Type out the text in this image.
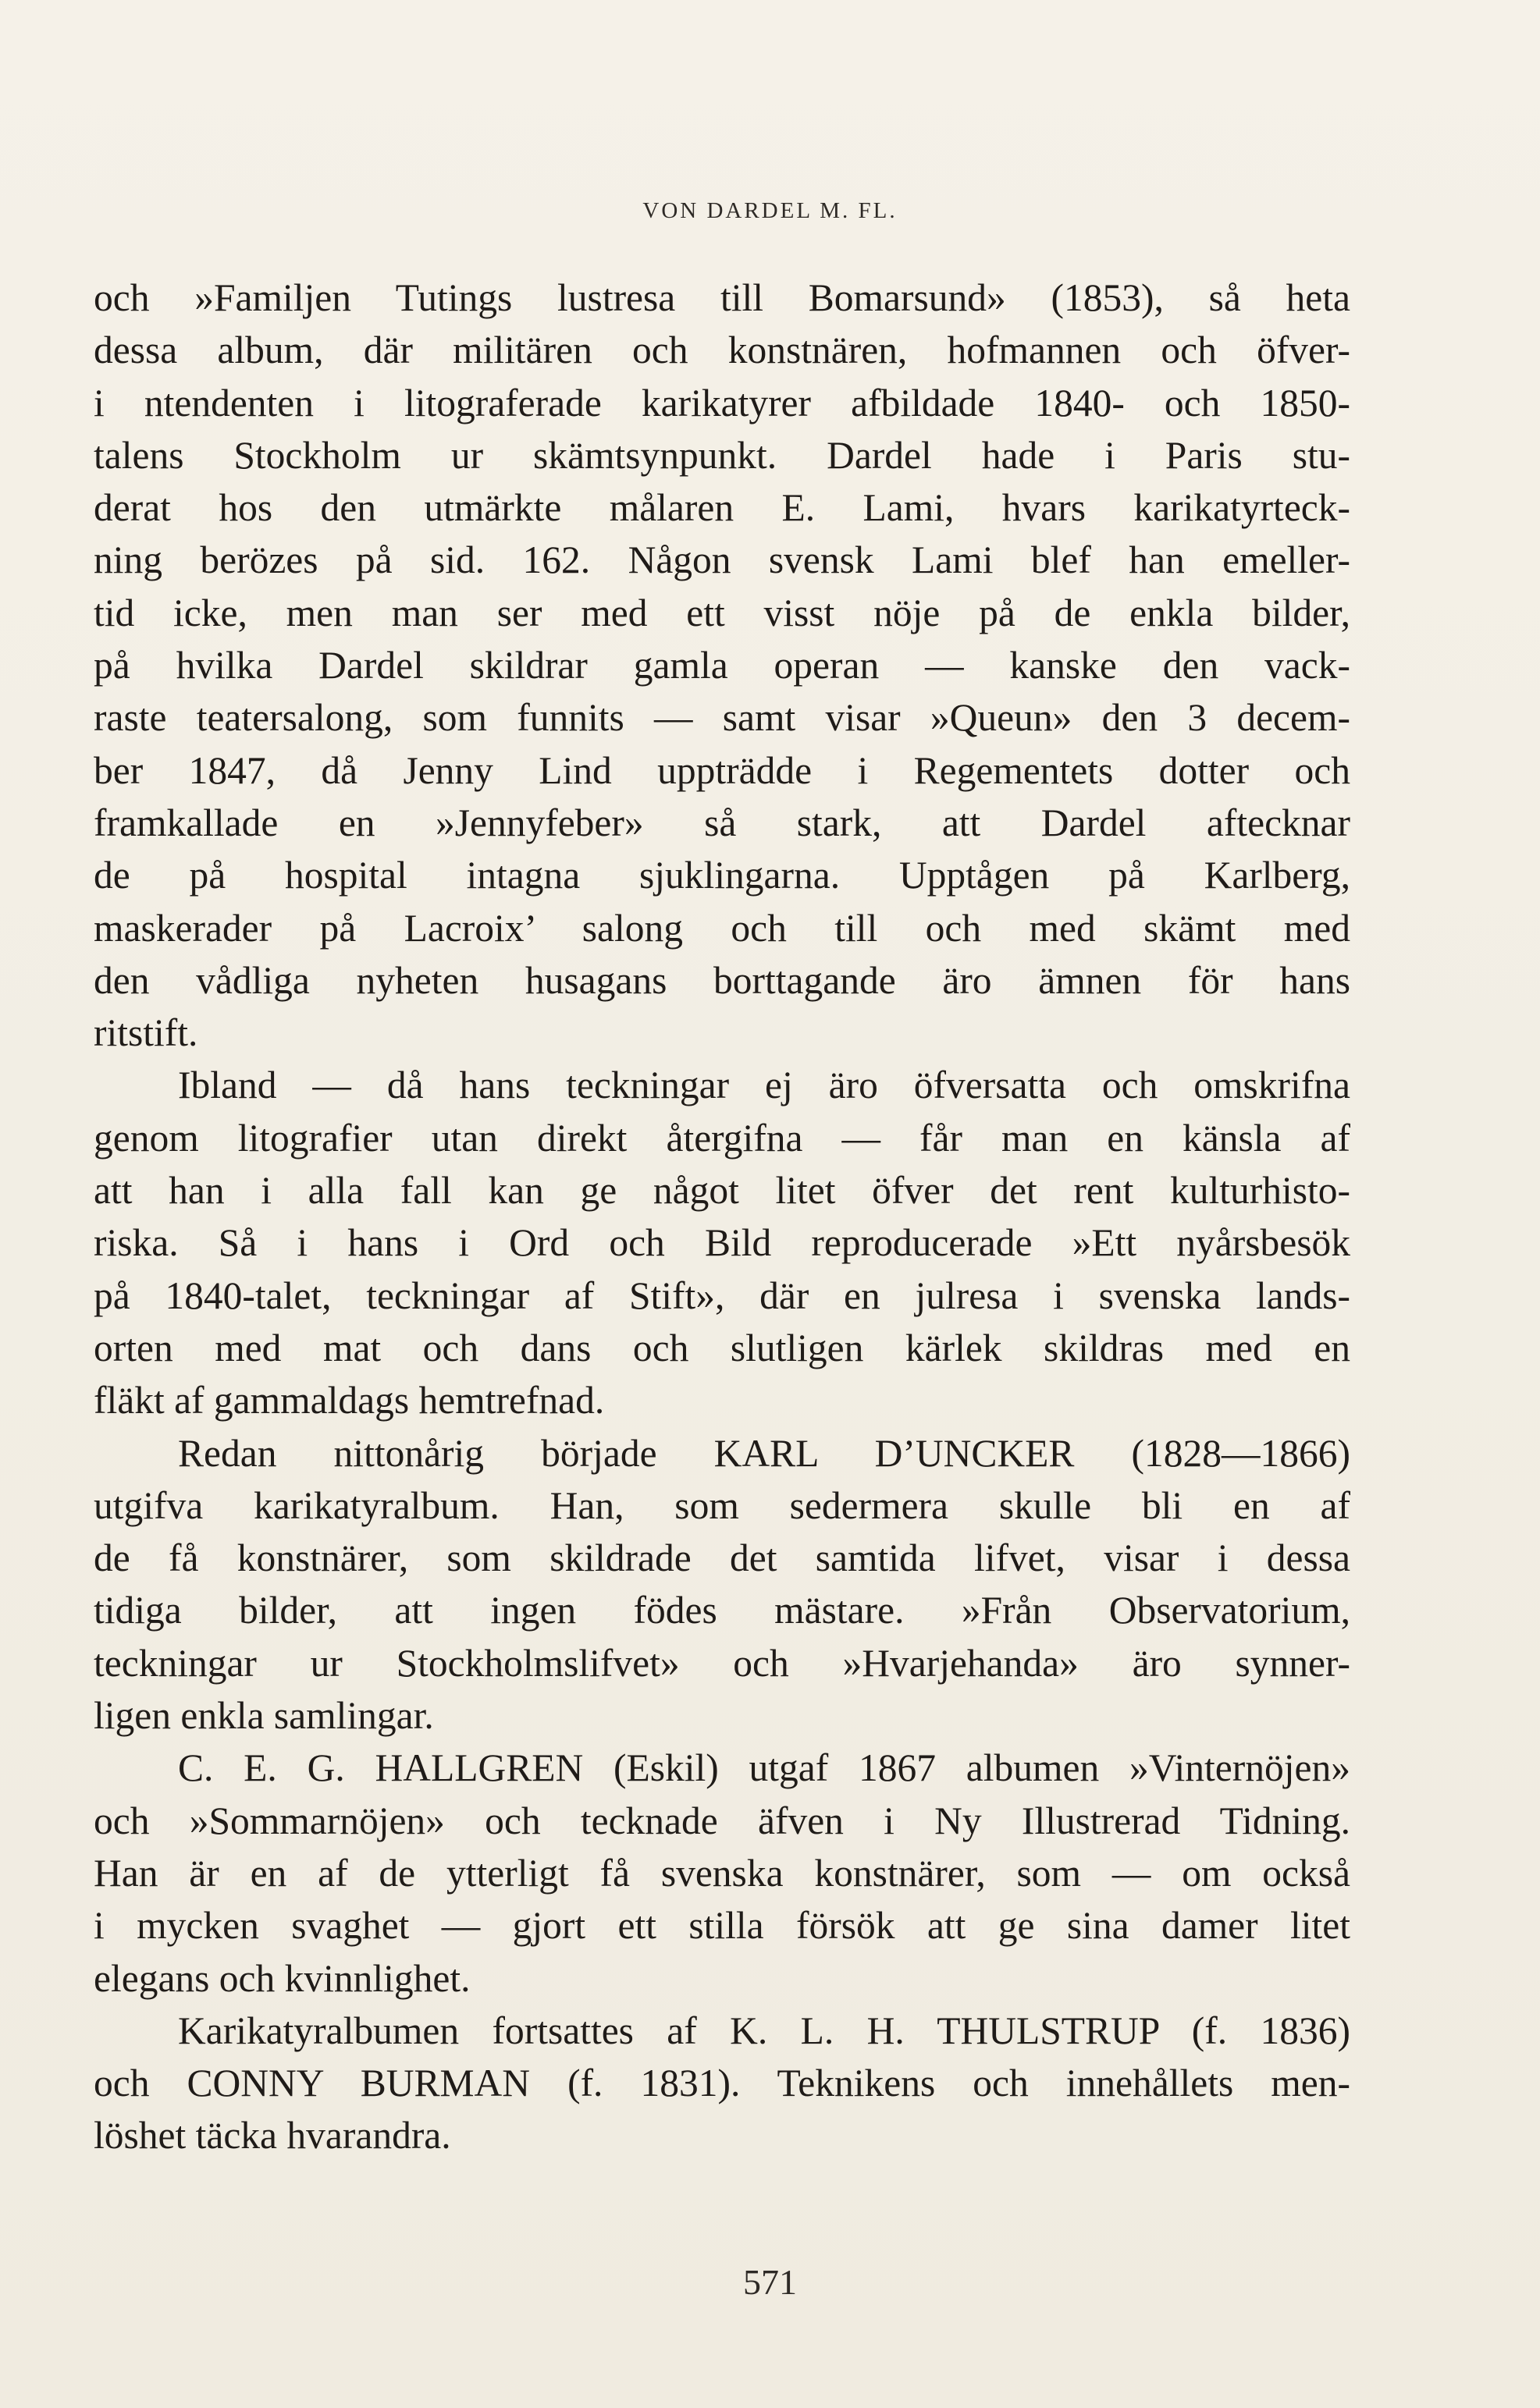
VON DARDEL M. FL.
och »Familjen Tutings lustresa till Bomarsund» (1853), så heta
dessa album, där militären och konstnären, hofmannen och öfver-
i ntendenten i litograferade karikatyrer afbildade 1840- och 1850-
talens Stockholm ur skämtsynpunkt. Dardel hade i Paris stu-
derat hos den utmärkte målaren E. Lami, hvars karikatyrteck-
ning berözes på sid. 162. Någon svensk Lami blef han emeller-
tid icke, men man ser med ett visst nöje på de enkla bilder,
på hvilka Dardel skildrar gamla operan — kanske den vack-
raste teatersalong, som funnits — samt visar »Queun» den 3 decem-
ber 1847, då Jenny Lind uppträdde i Regementets dotter och
framkallade en »Jennyfeber» så stark, att Dardel aftecknar
de på hospital intagna sjuklingarna. Upptågen på Karlberg,
maskerader på Lacroix’ salong och till och med skämt med
den vådliga nyheten husagans borttagande äro ämnen för hans
ritstift.
Ibland — då hans teckningar ej äro öfversatta och omskrifna
genom litografier utan direkt återgifna — får man en känsla af
att han i alla fall kan ge något litet öfver det rent kulturhisto-
riska. Så i hans i Ord och Bild reproducerade »Ett nyårsbesök
på 1840-talet, teckningar af Stift», där en julresa i svenska lands-
orten med mat och dans och slutligen kärlek skildras med en
fläkt af gammaldags hemtrefnad.
Redan nittonårig började KARL D’UNCKER (1828—1866)
utgifva karikatyralbum. Han, som sedermera skulle bli en af
de få konstnärer, som skildrade det samtida lifvet, visar i dessa
tidiga bilder, att ingen födes mästare. »Från Observatorium,
teckningar ur Stockholmslifvet» och »Hvarjehanda» äro synner-
ligen enkla samlingar.
C. E. G. HALLGREN (Eskil) utgaf 1867 albumen »Vinternöjen»
och »Sommarnöjen» och tecknade äfven i Ny Illustrerad Tidning.
Han är en af de ytterligt få svenska konstnärer, som — om också
i mycken svaghet — gjort ett stilla försök att ge sina damer litet
elegans och kvinnlighet.
Karikatyralbumen fortsattes af K. L. H. THULSTRUP (f. 1836)
och CONNY BURMAN (f. 1831). Teknikens och innehållets men-
löshet täcka hvarandra.
571
